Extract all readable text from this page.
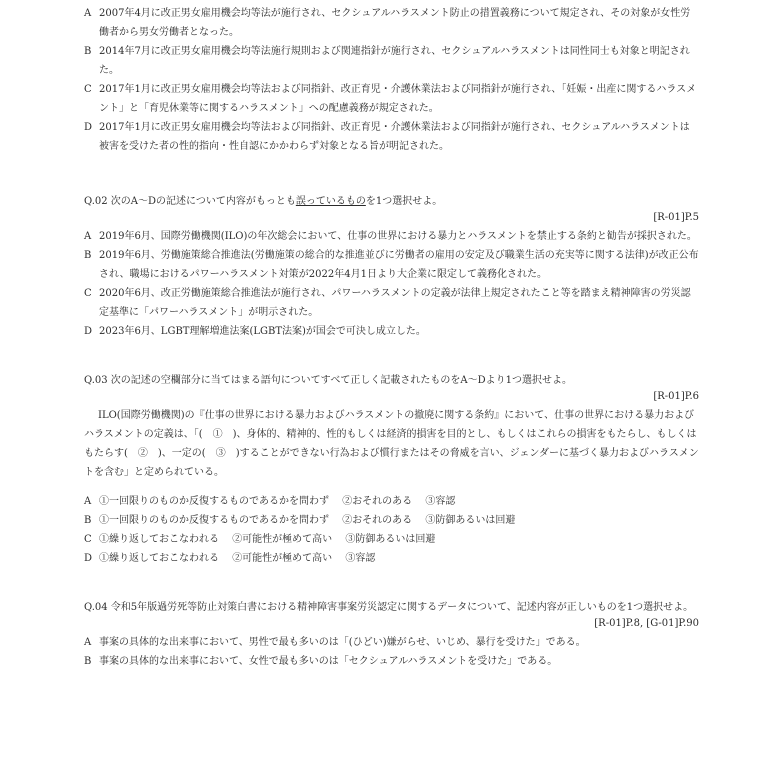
A 2007年4月に改正男女雇用機会均等法が施行され、セクシュアルハラスメント防止の措置義務について規定され、その対象が女性労働者から男女労働者となった。
B 2014年7月に改正男女雇用機会均等法施行規則および関連指針が施行され、セクシュアルハラスメントは同性同士も対象と明記された。
C 2017年1月に改正男女雇用機会均等法および同指針、改正育児・介護休業法および同指針が施行され、「妊娠・出産に関するハラスメント」と「育児休業等に関するハラスメント」への配慮義務が規定された。
D 2017年1月に改正男女雇用機会均等法および同指針、改正育児・介護休業法および同指針が施行され、セクシュアルハラスメントは被害を受けた者の性的指向・性自認にかかわらず対象となる旨が明記された。
Q.02 次のA～Dの記述について内容がもっとも誤っているものを1つ選択せよ。
[R-01]P.5
A 2019年6月、国際労働機関(ILO)の年次総会において、仕事の世界における暴力とハラスメントを禁止する条約と勧告が採択された。
B 2019年6月、労働施策総合推進法(労働施策の総合的な推進並びに労働者の雇用の安定及び職業生活の充実等に関する法律)が改正公布され、職場におけるパワーハラスメント対策が2022年4月1日より大企業に限定して義務化された。
C 2020年6月、改正労働施策総合推進法が施行され、パワーハラスメントの定義が法律上規定されたこと等を踏まえ精神障害の労災認定基準に「パワーハラスメント」が明示された。
D 2023年6月、LGBT理解増進法案(LGBT法案)が国会で可決し成立した。
Q.03 次の記述の空欄部分に当てはまる語句についてすべて正しく記載されたものをA～Dより1つ選択せよ。
[R-01]P.6
ILO(国際労働機関)の『仕事の世界における暴力およびハラスメントの撤廃に関する条約』において、仕事の世界における暴力およびハラスメントの定義は、「(　①　)、身体的、精神的、性的もしくは経済的損害を目的とし、もしくはこれらの損害をもたらし、もしくはもたらす(　②　)、一定の(　③　)することができない行為および慣行またはその脅威を言い、ジェンダーに基づく暴力およびハラスメントを含む」と定められている。
A ①一回限りのものか反復するものであるかを問わず　 ②おそれのある　 ③容認
B ①一回限りのものか反復するものであるかを問わず　 ②おそれのある　 ③防御あるいは回避
C ①繰り返しておこなわれる　 ②可能性が極めて高い　 ③防御あるいは回避
D ①繰り返しておこなわれる　 ②可能性が極めて高い　 ③容認
Q.04 令和5年版過労死等防止対策白書における精神障害事案労災認定に関するデータについて、記述内容が正しいものを1つ選択せよ。
[R-01]P.8, [G-01]P.90
A 事案の具体的な出来事において、男性で最も多いのは「(ひどい)嫌がらせ、いじめ、暴行を受けた」である。
B 事案の具体的な出来事において、女性で最も多いのは「セクシュアルハラスメントを受けた」である。
